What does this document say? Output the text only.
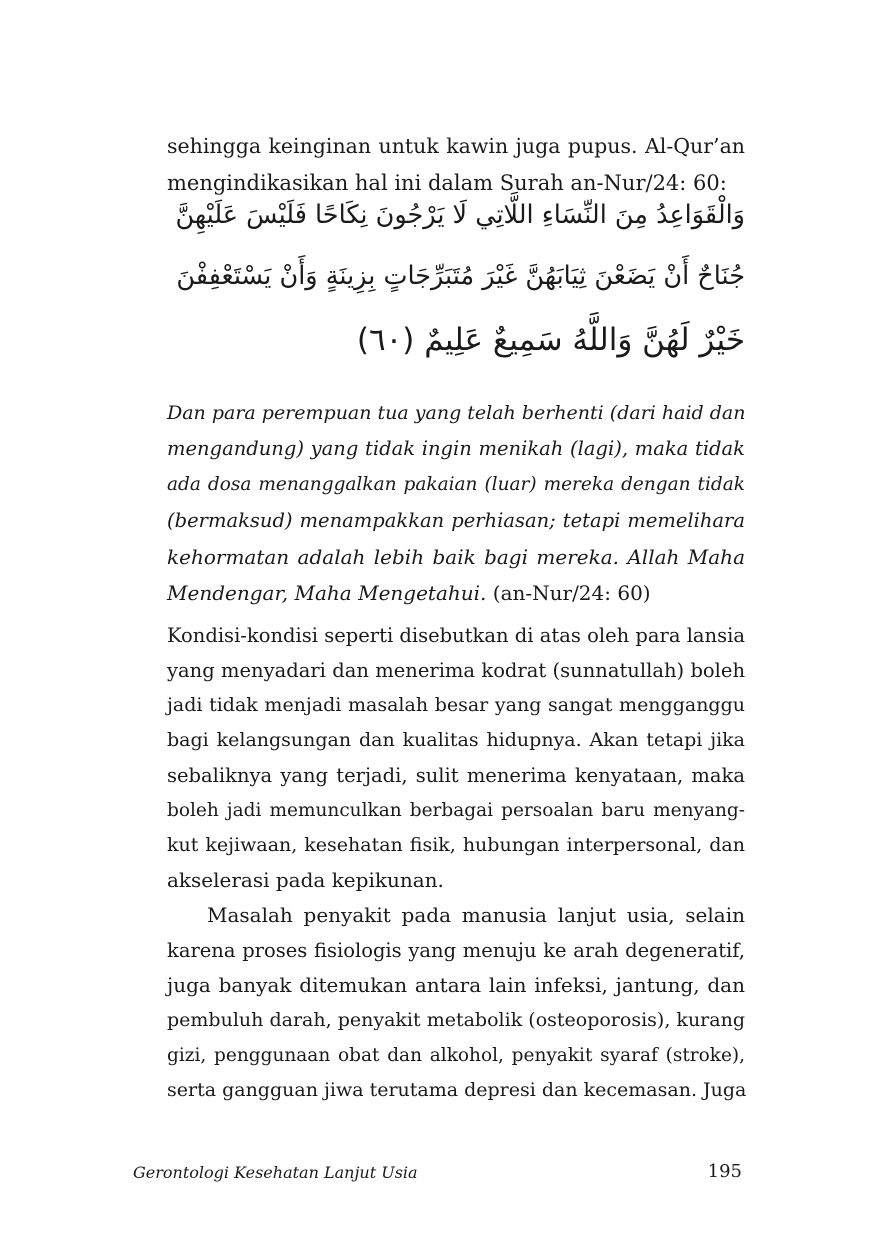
sehingga keinginan untuk kawin juga pupus. Al-Qur’an
mengindikasikan hal ini dalam Surah an-Nur/24: 60:
وَالْقَوَاعِدُ مِنَ النِّسَاءِ اللَّاتِي لَا يَرْجُونَ نِكَاحًا فَلَيْسَ عَلَيْهِنَّ
جُنَاحٌ أَنْ يَضَعْنَ ثِيَابَهُنَّ غَيْرَ مُتَبَرِّجَاتٍ بِزِينَةٍ وَأَنْ يَسْتَعْفِفْنَ
خَيْرٌ لَهُنَّ وَاللَّهُ سَمِيعٌ عَلِيمٌ (٦٠)
Dan para perempuan tua yang telah berhenti (dari haid dan
mengandung) yang tidak ingin menikah (lagi), maka tidak
ada dosa menanggalkan pakaian (luar) mereka dengan tidak
(bermaksud) menampakkan perhiasan; tetapi memelihara
kehormatan adalah lebih baik bagi mereka. Allah Maha
Mendengar, Maha Mengetahui. (an-Nur/24: 60)
Kondisi-kondisi seperti disebutkan di atas oleh para lansia
yang menyadari dan menerima kodrat (sunnatullah) boleh
jadi tidak menjadi masalah besar yang sangat mengganggu
bagi kelangsungan dan kualitas hidupnya. Akan tetapi jika
sebaliknya yang terjadi, sulit menerima kenyataan, maka
boleh jadi memunculkan berbagai persoalan baru menyang-
kut kejiwaan, kesehatan fisik, hubungan interpersonal, dan
akselerasi pada kepikunan.
Masalah penyakit pada manusia lanjut usia, selain
karena proses fisiologis yang menuju ke arah degeneratif,
juga banyak ditemukan antara lain infeksi, jantung, dan
pembuluh darah, penyakit metabolik (osteoporosis), kurang
gizi, penggunaan obat dan alkohol, penyakit syaraf (stroke),
serta gangguan jiwa terutama depresi dan kecemasan. Juga
Gerontologi Kesehatan Lanjut Usia	195
